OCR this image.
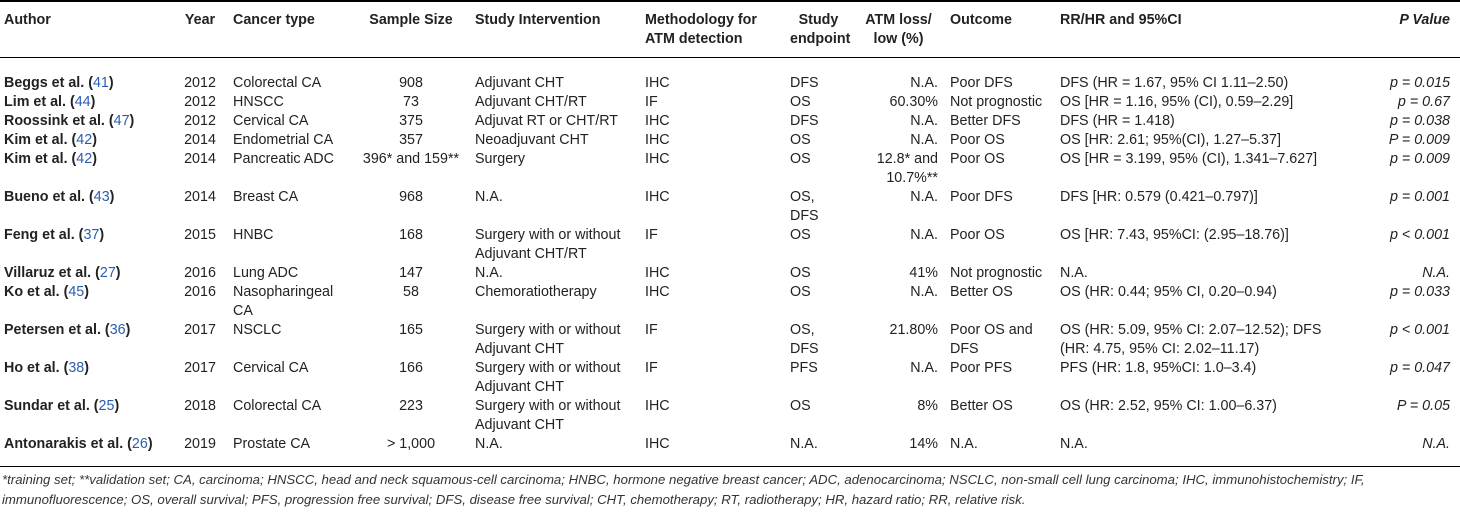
Author	Year	Cancer type	Sample Size	Study Intervention	Methodology for ATM detection	Study endpoint	ATM loss/ low (%)	Outcome	RR/HR and 95%CI	P Value
Beggs et al. (41)	2012	Colorectal CA	908	Adjuvant CHT	IHC	DFS	N.A.	Poor DFS	DFS (HR = 1.67, 95% CI 1.11–2.50)	p = 0.015
Lim et al. (44)	2012	HNSCC	73	Adjuvant CHT/RT	IF	OS	60.30%	Not prognostic	OS [HR = 1.16, 95% (CI), 0.59–2.29]	p = 0.67
Roossink et al. (47)	2012	Cervical CA	375	Adjuvat RT or CHT/RT	IHC	DFS	N.A.	Better DFS	DFS (HR = 1.418)	p = 0.038
Kim et al. (42)	2014	Endometrial CA	357	Neoadjuvant CHT	IHC	OS	N.A.	Poor OS	OS [HR: 2.61; 95%(CI), 1.27–5.37]	P = 0.009
Kim et al. (42)	2014	Pancreatic ADC	396* and 159**	Surgery	IHC	OS	12.8* and 10.7%**	Poor OS	OS [HR = 3.199, 95% (CI), 1.341–7.627]	p = 0.009
Bueno et al. (43)	2014	Breast CA	968	N.A.	IHC	OS, DFS	N.A.	Poor DFS	DFS [HR: 0.579 (0.421–0.797)]	p = 0.001
Feng et al. (37)	2015	HNBC	168	Surgery with or without Adjuvant CHT/RT	IF	OS	N.A.	Poor OS	OS [HR: 7.43, 95%CI: (2.95–18.76)]	p < 0.001
Villaruz et al. (27)	2016	Lung ADC	147	N.A.	IHC	OS	41%	Not prognostic	N.A.	N.A.
Ko et al. (45)	2016	Nasopharingeal CA	58	Chemoratiotherapy	IHC	OS	N.A.	Better OS	OS (HR: 0.44; 95% CI, 0.20–0.94)	p = 0.033
Petersen et al. (36)	2017	NSCLC	165	Surgery with or without Adjuvant CHT	IF	OS, DFS	21.80%	Poor OS and DFS	OS (HR: 5.09, 95% CI: 2.07–12.52); DFS (HR: 4.75, 95% CI: 2.02–11.17)	p < 0.001
Ho et al. (38)	2017	Cervical CA	166	Surgery with or without Adjuvant CHT	IF	PFS	N.A.	Poor PFS	PFS (HR: 1.8, 95%CI: 1.0–3.4)	p = 0.047
Sundar et al. (25)	2018	Colorectal CA	223	Surgery with or without Adjuvant CHT	IHC	OS	8%	Better OS	OS (HR: 2.52, 95% CI: 1.00–6.37)	P = 0.05
Antonarakis et al. (26)	2019	Prostate CA	> 1,000	N.A.	IHC	N.A.	14%	N.A.	N.A.	N.A.
*training set; **validation set; CA, carcinoma; HNSCC, head and neck squamous-cell carcinoma; HNBC, hormone negative breast cancer; ADC, adenocarcinoma; NSCLC, non-small cell lung carcinoma; IHC, immunohistochemistry; IF, immunofluorescence; OS, overall survival; PFS, progression free survival; DFS, disease free survival; CHT, chemotherapy; RT, radiotherapy; HR, hazard ratio; RR, relative risk.
